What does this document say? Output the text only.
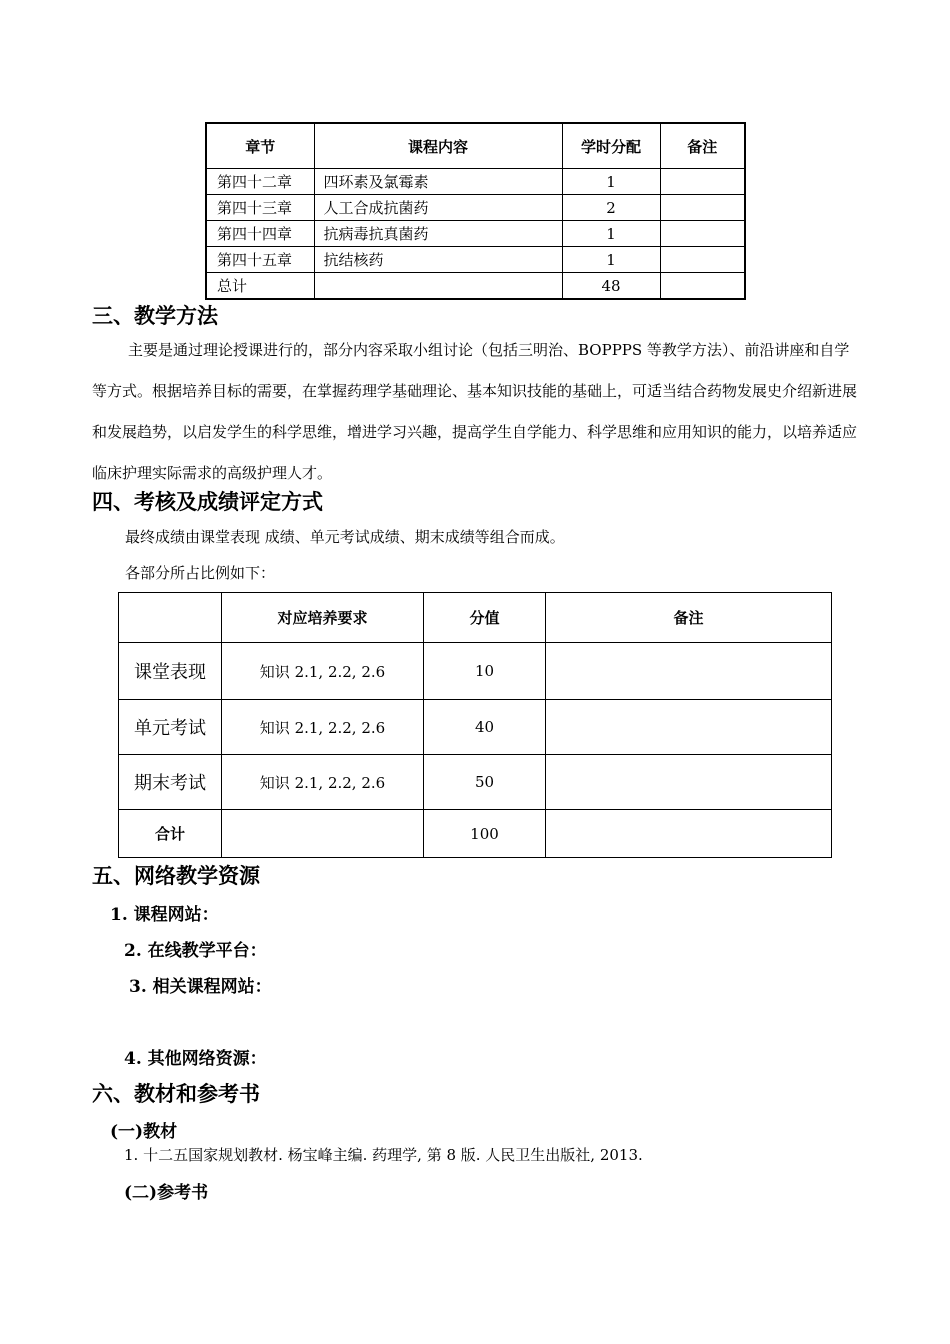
章节	课程内容	学时分配	备注
第四十二章	四环素及氯霉素	1	
第四十三章	人工合成抗菌药	2	
第四十四章	抗病毒抗真菌药	1	
第四十五章	抗结核药	1	
总计		48	
三、教学方法
主要是通过理论授课进行的，部分内容采取小组讨论（包括三明治、BOPPPS 等教学方法）、前沿讲座和自学等方式。根据培养目标的需要，在掌握药理学基础理论、基本知识技能的基础上，可适当结合药物发展史介绍新进展和发展趋势，以启发学生的科学思维，增进学习兴趣，提高学生自学能力、科学思维和应用知识的能力，以培养适应临床护理实际需求的高级护理人才。
四、考核及成绩评定方式
最终成绩由课堂表现 成绩、单元考试成绩、期末成绩等组合而成。
各部分所占比例如下：
	对应培养要求	分值	备注
课堂表现	知识 2.1, 2.2, 2.6	10	
单元考试	知识 2.1, 2.2, 2.6	40	
期末考试	知识 2.1, 2.2, 2.6	50	
合计		100	
五、网络教学资源
1. 课程网站：
2. 在线教学平台：
3. 相关课程网站：
4. 其他网络资源：
六、教材和参考书
(一)教材
1. 十二五国家规划教材. 杨宝峰主编. 药理学, 第 8 版. 人民卫生出版社, 2013.
(二)参考书
